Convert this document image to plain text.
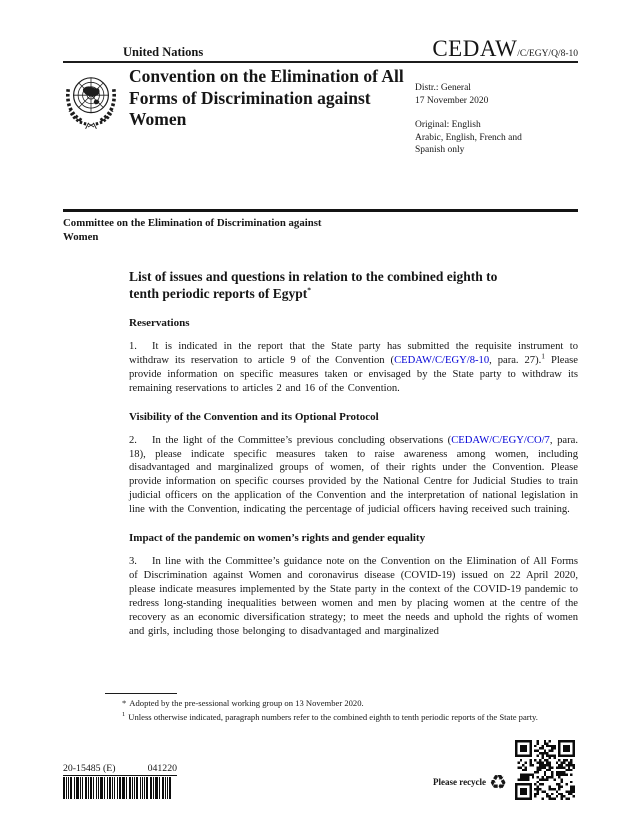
United Nations	CEDAW/C/EGY/Q/8-10
Convention on the Elimination of All Forms of Discrimination against Women
Distr.: General
17 November 2020
Original: English
Arabic, English, French and
Spanish only
Committee on the Elimination of Discrimination against Women
List of issues and questions in relation to the combined eighth to tenth periodic reports of Egypt*
Reservations

1. It is indicated in the report that the State party has submitted the requisite instrument to withdraw its reservation to article 9 of the Convention (CEDAW/C/EGY/8-10, para. 27).$^1$ Please provide information on specific measures taken or envisaged by the State party to withdraw its remaining reservations to articles 2 and 16 of the Convention.

Visibility of the Convention and its Optional Protocol

2. In the light of the Committee’s previous concluding observations (CEDAW/C/EGY/CO/7, para. 18), please indicate specific measures taken to raise awareness among women, including disadvantaged and marginalized groups of women, of their rights under the Convention. Please provide information on specific courses provided by the National Centre for Judicial Studies to train judicial officers on the application of the Convention and the interpretation of national legislation in line with the Convention, indicating the percentage of judicial officers having received such training.

Impact of the pandemic on women’s rights and gender equality

3. In line with the Committee’s guidance note on the Convention on the Elimination of All Forms of Discrimination against Women and coronavirus disease (COVID-19) issued on 22 April 2020, please indicate measures implemented by the State party in the context of the COVID-19 pandemic to redress long-standing inequalities between women and men by placing women at the centre of the recovery as an economic diversification strategy; to meet the needs and uphold the rights of women and girls, including those belonging to disadvantaged and marginalized

* Adopted by the pre-sessional working group on 13 November 2020.
$^1$ Unless otherwise indicated, paragraph numbers refer to the combined eighth to tenth periodic reports of the State party.
20-15485 (E)	041220
Please recycle ♻
